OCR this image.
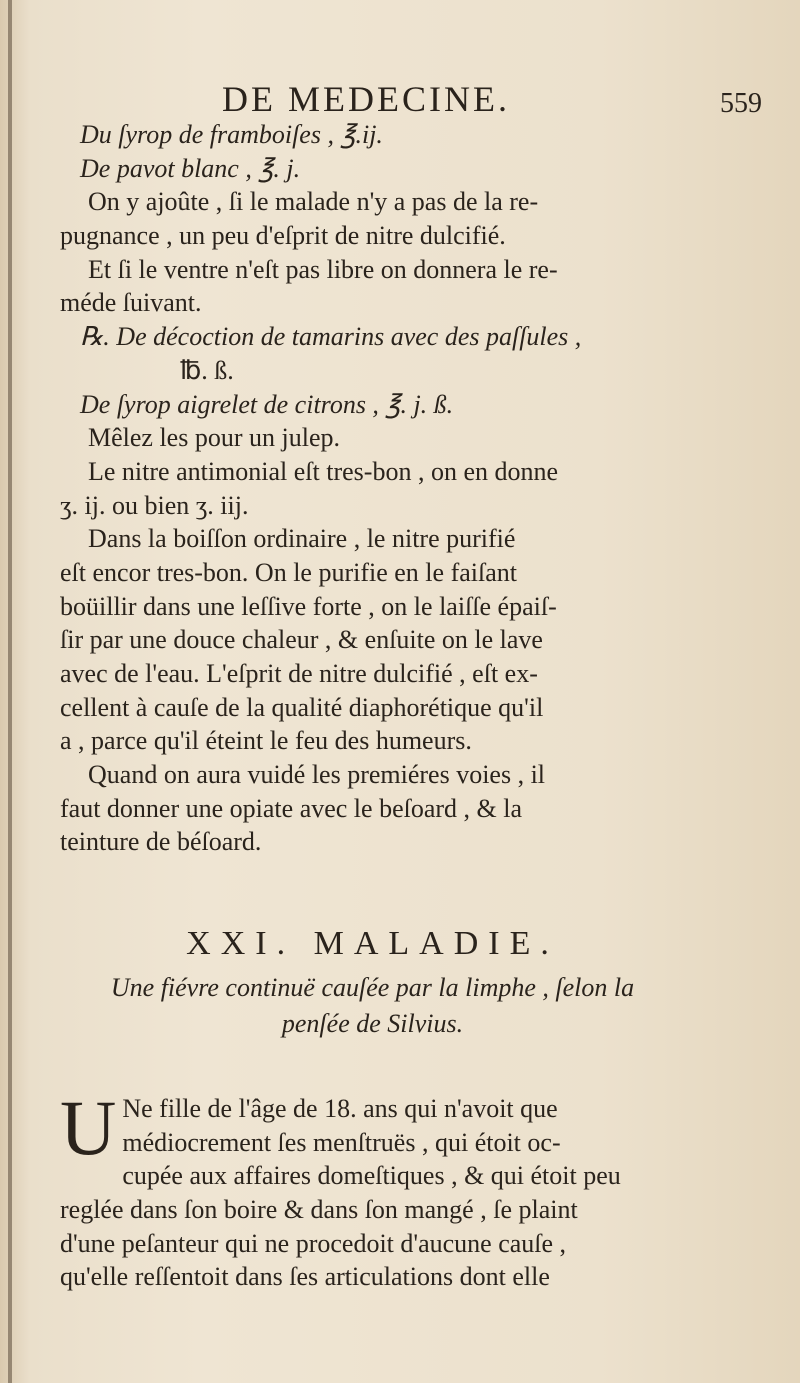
DE MEDECINE.	559
Du ſyrop de framboiſes , ℥.ij.
De pavot blanc , ℥. j.
On y ajoûte , ſi le malade n'y a pas de la re-
pugnance , un peu d'eſprit de nitre dulcifié.
Et ſi le ventre n'eſt pas libre on donnera le re-
méde ſuivant.
℞. De décoction de tamarins avec des paſſules ,
℔. ß.
De ſyrop aigrelet de citrons , ℥. j. ß.
Mêlez les pour un julep.
Le nitre antimonial eſt tres-bon , on en donne
ʒ. ij. ou bien ʒ. iij.
Dans la boiſſon ordinaire , le nitre purifié
eſt encor tres-bon. On le purifie en le faiſant
boüillir dans une leſſive forte , on le laiſſe épaiſ-
ſir par une douce chaleur , & enſuite on le lave
avec de l'eau. L'eſprit de nitre dulcifié , eſt ex-
cellent à cauſe de la qualité diaphorétique qu'il
a , parce qu'il éteint le feu des humeurs.
Quand on aura vuidé les premiéres voies , il
faut donner une opiate avec le beſoard , & la
teinture de béſoard.
XXI. MALADIE.
Une fiévre continuë cauſée par la limphe , ſelon la
penſée de Silvius.
U Ne fille de l'âge de 18. ans qui n'avoit que
médiocrement ſes menſtruës , qui étoit oc-
cupée aux affaires domeſtiques , & qui étoit peu
reglée dans ſon boire & dans ſon mangé , ſe plaint
d'une peſanteur qui ne procedoit d'aucune cauſe ,
qu'elle reſſentoit dans ſes articulations dont elle
